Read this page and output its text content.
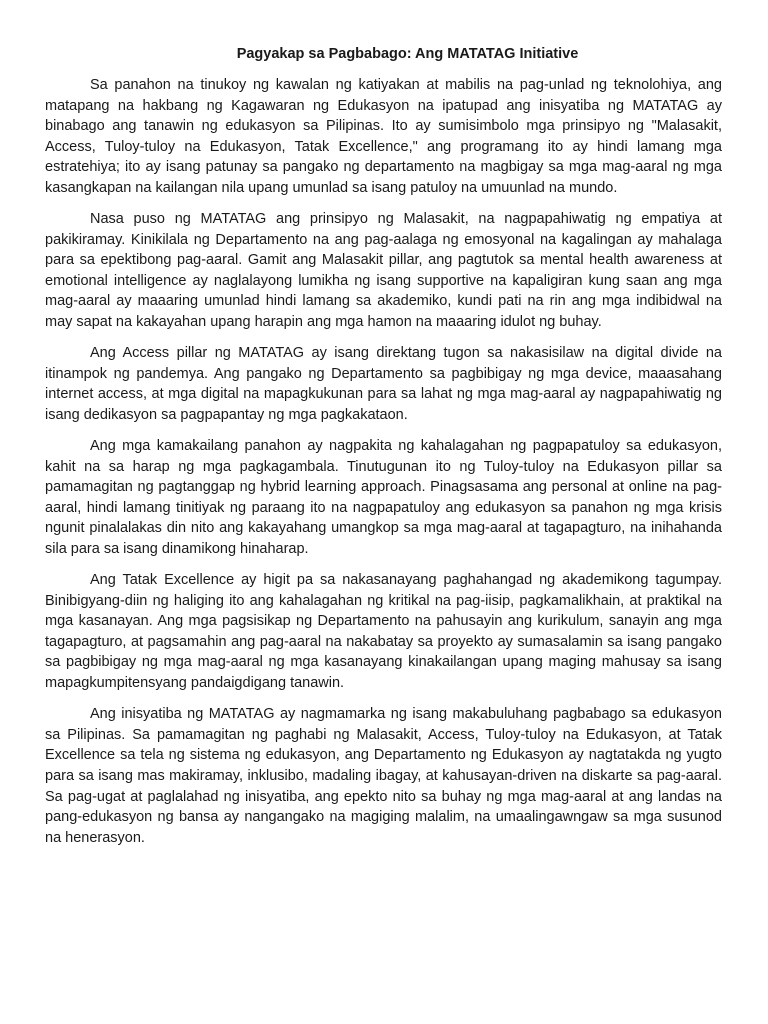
Pagyakap sa Pagbabago: Ang MATATAG Initiative

Sa panahon na tinukoy ng kawalan ng katiyakan at mabilis na pag-unlad ng teknolohiya, ang matapang na hakbang ng Kagawaran ng Edukasyon na ipatupad ang inisyatiba ng MATATAG ay binabago ang tanawin ng edukasyon sa Pilipinas. Ito ay sumisimbolo mga prinsipyo ng "Malasakit, Access, Tuloy-tuloy na Edukasyon, Tatak Excellence," ang programang ito ay hindi lamang mga estratehiya; ito ay isang patunay sa pangako ng departamento na magbigay sa mga mag-aaral ng mga kasangkapan na kailangan nila upang umunlad sa isang patuloy na umuunlad na mundo.

Nasa puso ng MATATAG ang prinsipyo ng Malasakit, na nagpapahiwatig ng empatiya at pakikiramay. Kinikilala ng Departamento na ang pag-aalaga ng emosyonal na kagalingan ay mahalaga para sa epektibong pag-aaral. Gamit ang Malasakit pillar, ang pagtutok sa mental health awareness at emotional intelligence ay naglalayong lumikha ng isang supportive na kapaligiran kung saan ang mga mag-aaral ay maaaring umunlad hindi lamang sa akademiko, kundi pati na rin ang mga indibidwal na may sapat na kakayahan upang harapin ang mga hamon na maaaring idulot ng buhay.

Ang Access pillar ng MATATAG ay isang direktang tugon sa nakasisilaw na digital divide na itinampok ng pandemya. Ang pangako ng Departamento sa pagbibigay ng mga device, maaasahang internet access, at mga digital na mapagkukunan para sa lahat ng mga mag-aaral ay nagpapahiwatig ng isang dedikasyon sa pagpapantay ng mga pagkakataon.

Ang mga kamakailang panahon ay nagpakita ng kahalagahan ng pagpapatuloy sa edukasyon, kahit na sa harap ng mga pagkagambala. Tinutugunan ito ng Tuloy-tuloy na Edukasyon pillar sa pamamagitan ng pagtanggap ng hybrid learning approach. Pinagsasama ang personal at online na pag-aaral, hindi lamang tinitiyak ng paraang ito na nagpapatuloy ang edukasyon sa panahon ng mga krisis ngunit pinalalakas din nito ang kakayahang umangkop sa mga mag-aaral at tagapagturo, na inihahanda sila para sa isang dinamikong hinaharap.

Ang Tatak Excellence ay higit pa sa nakasanayang paghahangad ng akademikong tagumpay. Binibigyang-diin ng haliging ito ang kahalagahan ng kritikal na pag-iisip, pagkamalikhain, at praktikal na mga kasanayan. Ang mga pagsisikap ng Departamento na pahusayin ang kurikulum, sanayin ang mga tagapagturo, at pagsamahin ang pag-aaral na nakabatay sa proyekto ay sumasalamin sa isang pangako sa pagbibigay ng mga mag-aaral ng mga kasanayang kinakailangan upang maging mahusay sa isang mapagkumpitensyang pandaigdigang tanawin.

Ang inisyatiba ng MATATAG ay nagmamarka ng isang makabuluhang pagbabago sa edukasyon sa Pilipinas. Sa pamamagitan ng paghabi ng Malasakit, Access, Tuloy-tuloy na Edukasyon, at Tatak Excellence sa tela ng sistema ng edukasyon, ang Departamento ng Edukasyon ay nagtatakda ng yugto para sa isang mas makiramay, inklusibo, madaling ibagay, at kahusayan-driven na diskarte sa pag-aaral. Sa pag-ugat at paglalahad ng inisyatiba, ang epekto nito sa buhay ng mga mag-aaral at ang landas na pang-edukasyon ng bansa ay nangangako na magiging malalim, na umaalingawngaw sa mga susunod na henerasyon.
